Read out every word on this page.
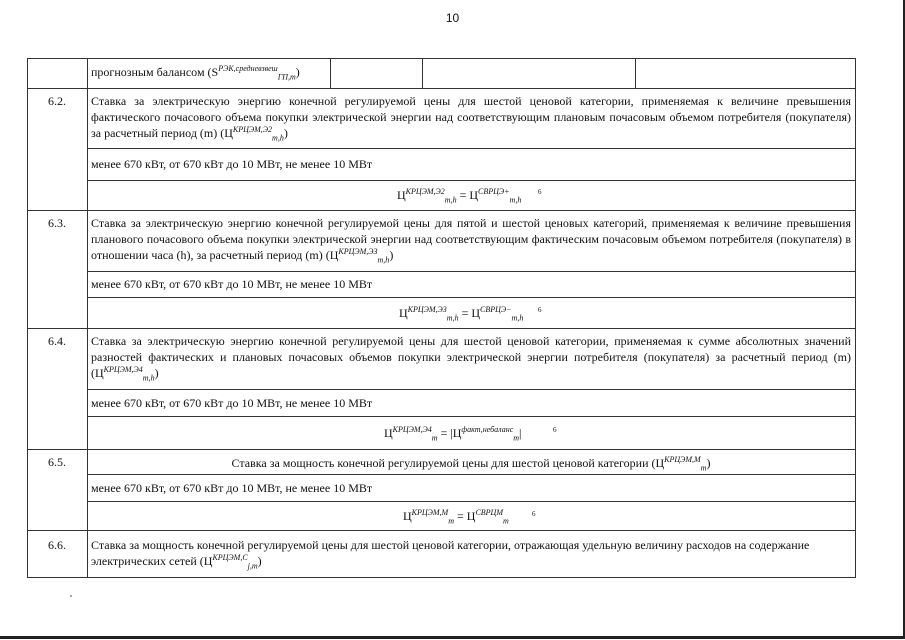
10
прогнозным балансом $(S^{РЭК,средневзвеш}_{ГП,m})$
6.2.	Ставка за электрическую энергию конечной регулируемой цены для шестой ценовой категории, применяемая к величине превышения фактического почасового объема покупки электрической энергии над соответствующим плановым почасовым объемом потребителя (покупателя) за расчетный период (m) $(Ц^{КРЦЭМ,Э2}_{m,h})$
менее 670 кВт, от 670 кВт до 10 МВт, не менее 10 МВт
$Ц^{КРЦЭМ,Э2}_{m,h} = Ц^{СВРЦЭ+}_{m,h}$
6
6.3.	Ставка за электрическую энергию конечной регулируемой цены для пятой и шестой ценовых категорий, применяемая к величине превышения планового почасового объема покупки электрической энергии над соответствующим фактическим почасовым объемом потребителя (покупателя) в отношении часа (h), за расчетный период (m) $(Ц^{КРЦЭМ,Э3}_{m,h})$
менее 670 кВт, от 670 кВт до 10 МВт, не менее 10 МВт
$Ц^{КРЦЭМ,Э3}_{m,h} = Ц^{СВРЦЭ-}_{m,h}$
6
6.4.	Ставка за электрическую энергию конечной регулируемой цены для шестой ценовой категории, применяемая к сумме абсолютных значений разностей фактических и плановых почасовых объемов покупки электрической энергии потребителя (покупателя) за расчетный период (m) $(Ц^{КРЦЭМ,Э4}_{m,h})$
менее 670 кВт, от 670 кВт до 10 МВт, не менее 10 МВт
$Ц^{КРЦЭМ,Э4}_m = |Ц^{факт,небаланс}_m|$	6
6.5.	Ставка за мощность конечной регулируемой цены для шестой ценовой категории $(Ц^{КРЦЭМ,М}_m)$
менее 670 кВт, от 670 кВт до 10 МВт, не менее 10 МВт
$Ц^{КРЦЭМ,М}_m = Ц^{СВРЦМ}_m$
6
6.6.	Ставка за мощность конечной регулируемой цены для шестой ценовой категории, отражающая удельную величину расходов на содержание электрических сетей $(Ц^{КРЦЭМ,С}_{j,m})$
